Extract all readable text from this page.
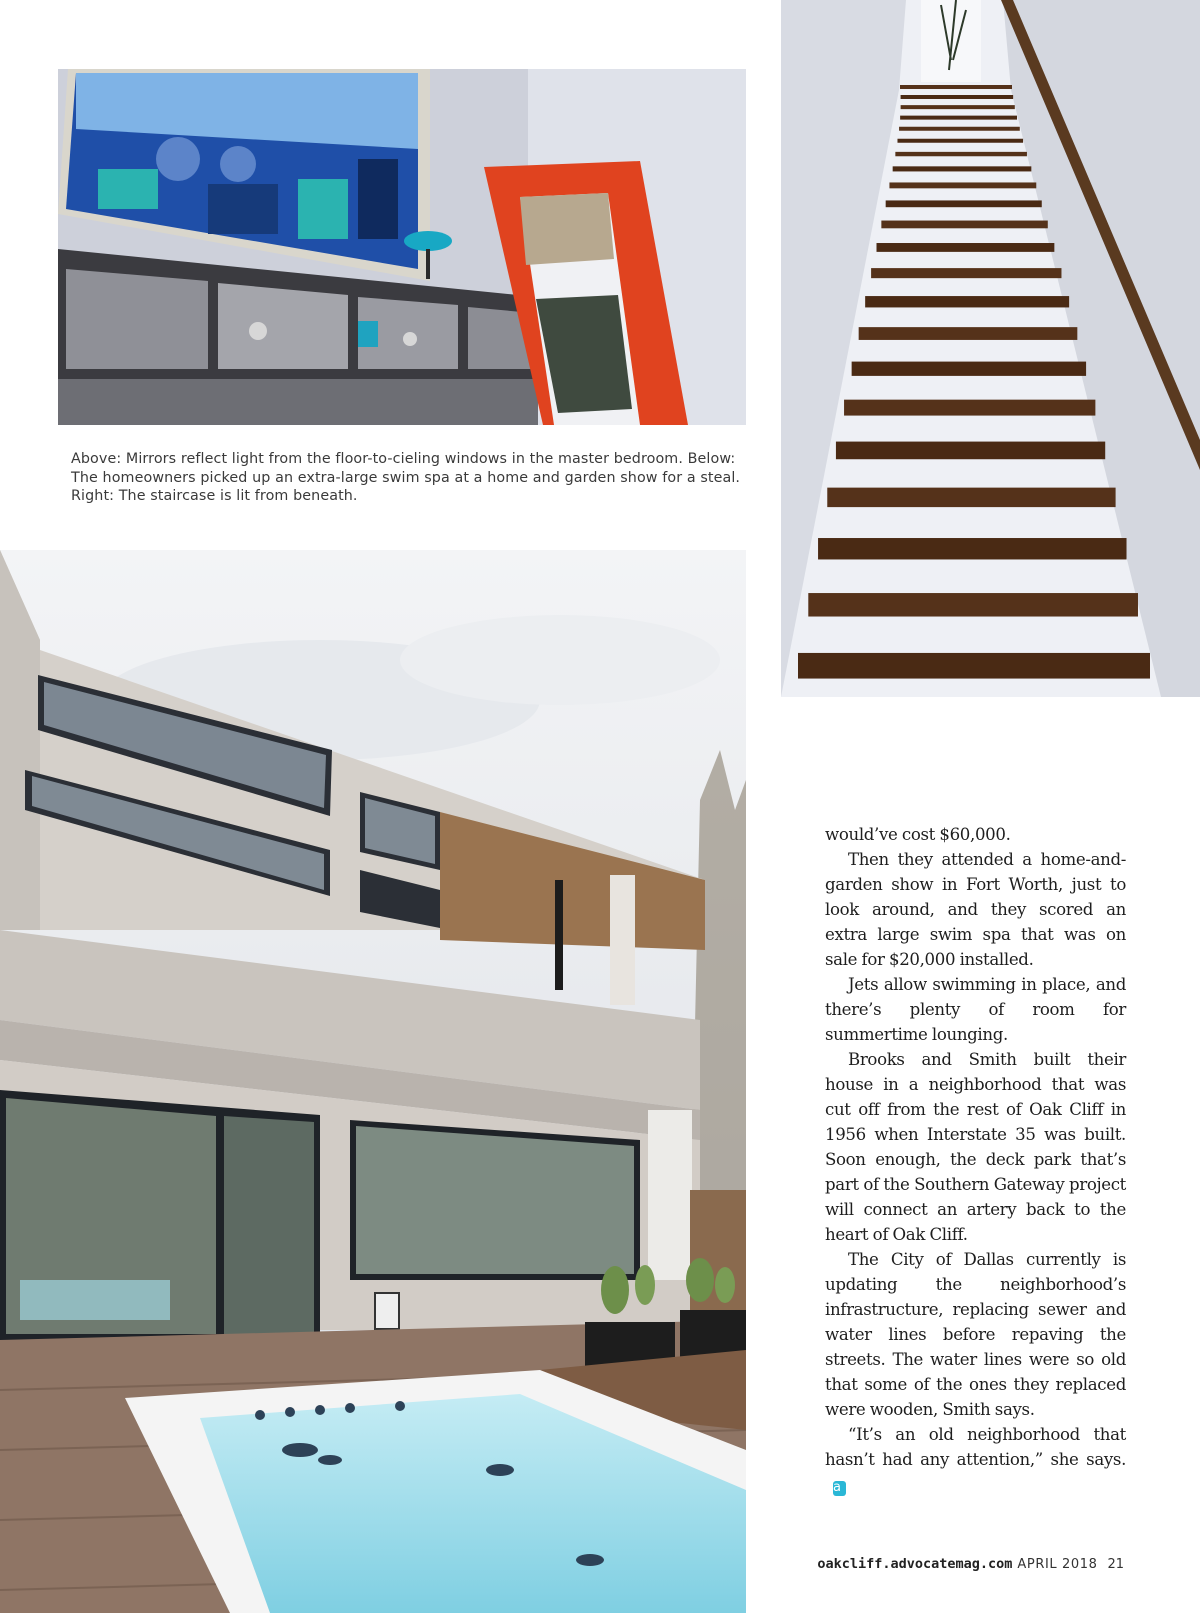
Above: Mirrors reflect light from the floor-to-cieling windows in the master bedroom. Below: The homeowners picked up an extra-large swim spa at a home and garden show for a steal. Right: The staircase is lit from beneath.

would’ve cost $60,000.

Then they attended a home-and-garden show in Fort Worth, just to look around, and they scored an extra large swim spa that was on sale for $20,000 installed.

Jets allow swimming in place, and there’s plenty of room for summertime lounging.

Brooks and Smith built their house in a neighborhood that was cut off from the rest of Oak Cliff in 1956 when Interstate 35 was built. Soon enough, the deck park that’s part of the Southern Gateway project will connect an artery back to the heart of Oak Cliff.

The City of Dallas currently is updating the neighborhood’s infrastructure, replacing sewer and water lines before repaving the streets. The water lines were so old that some of the ones they replaced were wooden, Smith says.

“It’s an old neighborhood that hasn’t had any attention,” she says.a

oakcliff.advocatemag.com APRIL 2018 21
